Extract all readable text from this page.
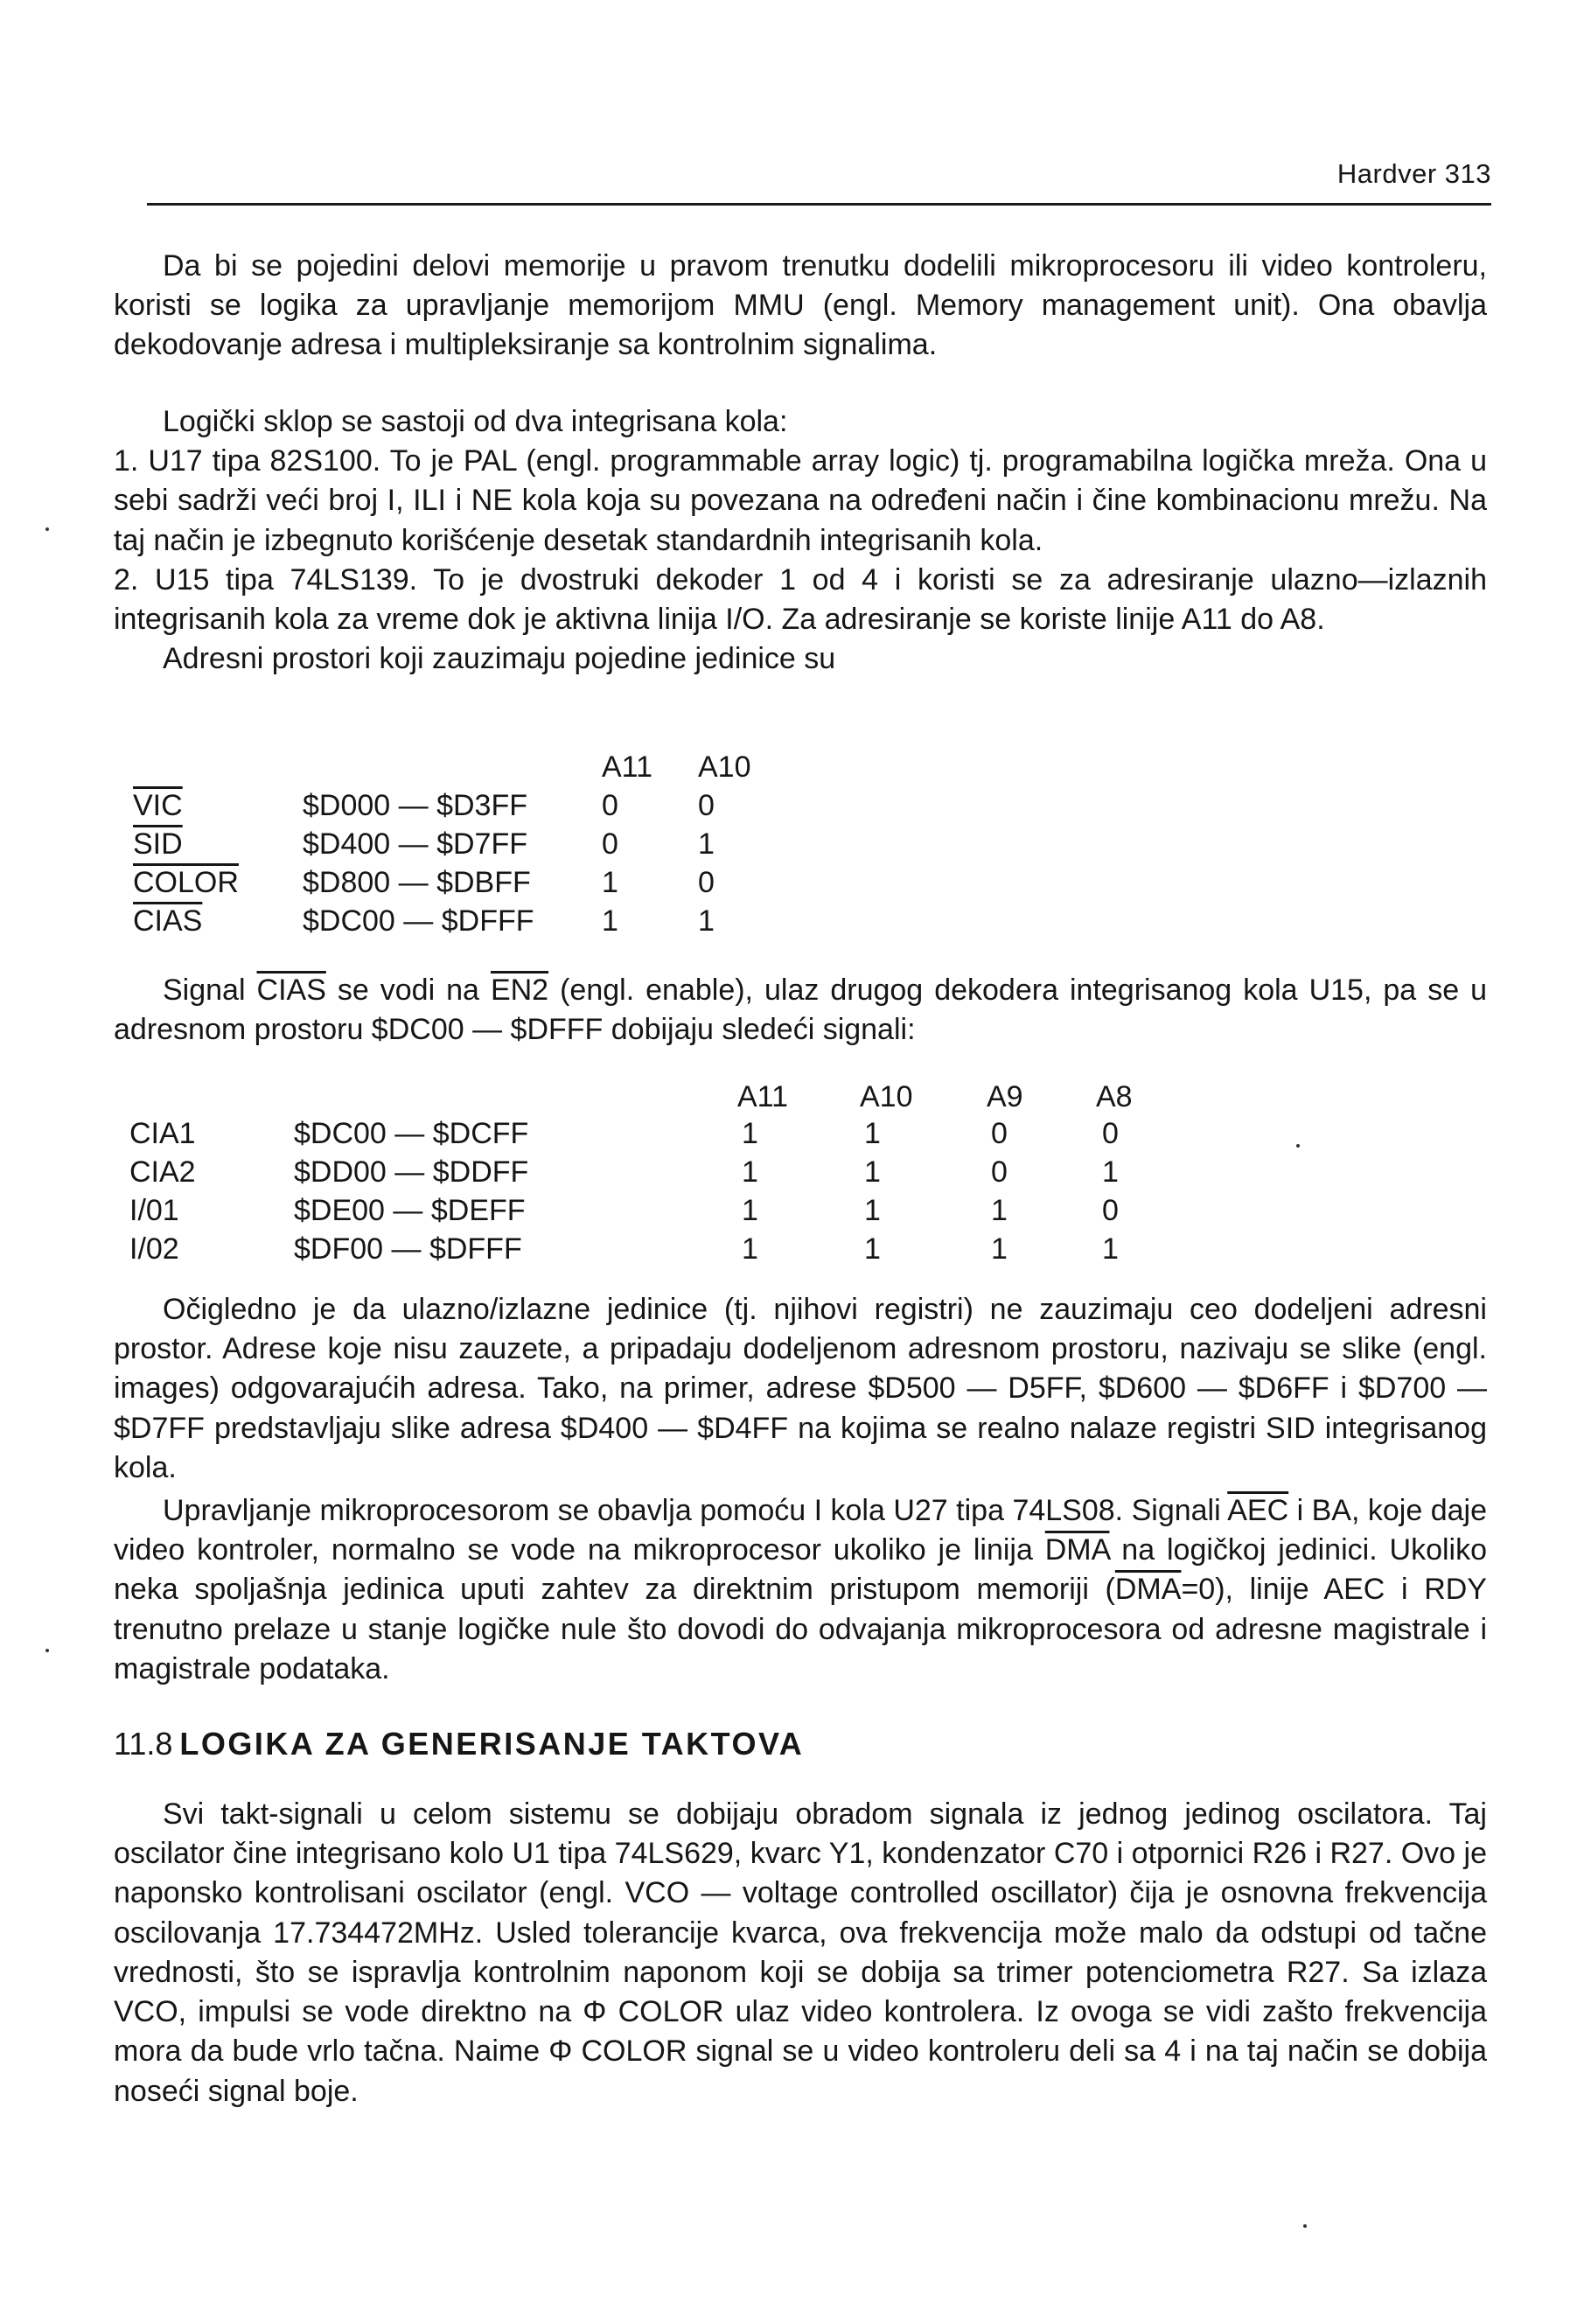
Hardver 313

Da bi se pojedini delovi memorije u pravom trenutku dodelili mikroprocesoru ili video kontroleru, koristi se logika za upravljanje memorijom MMU (engl. Memory management unit). Ona obavlja dekodovanje adresa i multipleksiranje sa kontrolnim signalima.

Logički sklop se sastoji od dva integrisana kola:

1. U17 tipa 82S100. To je PAL (engl. programmable array logic) tj. programabilna logička mreža. Ona u sebi sadrži veći broj I, ILI i NE kola koja su povezana na određeni način i čine kombinacionu mrežu. Na taj način je izbegnuto korišćenje desetak standardnih integrisanih kola.

2. U15 tipa 74LS139. To je dvostruki dekoder 1 od 4 i koristi se za adresiranje ulazno—izlaznih integrisanih kola za vreme dok je aktivna linija I/O. Za adresiranje se koriste linije A11 do A8.

Adresni prostori koji zauzimaju pojedine jedinice su

A11 A10
$\overline{VIC}$	$D000 — $D3FF	0	0
$\overline{SID}$	$D400 — $D7FF	0	1
COLOR $D800 — $DBFF 1	0
CIAS	$DC00 — $DFFF 1	1

Signal CIAS se vodi na EN2 (engl. enable), ulaz drugog dekodera integrisanog kola U15, pa se u adresnom prostoru $DC00 — $DFFF dobijaju sledeći signali:

A11 A10 A9 A8
CIA1	$DC00 — $DCFF	1	1	0	0
CIA2	$DD00 — $DDFF	1	1	0	1
I/01	$DE00 — $DEFF	1	1	1	0
I/02	$DF00 — $DFFF	1	1	1	1

Očigledno je da ulazno/izlazne jedinice (tj. njihovi registri) ne zauzimaju ceo dodeljeni adresni prostor. Adrese koje nisu zauzete, a pripadaju dodeljenom adresnom prostoru, nazivaju se slike (engl. images) odgovarajućih adresa. Tako, na primer, adrese $D500 — D5FF, $D600 — $D6FF i $D700 — $D7FF predstavljaju slike adresa $D400 — $D4FF na kojima se realno nalaze registri SID integrisanog kola.

Upravljanje mikroprocesorom se obavlja pomoću I kola U27 tipa 74LS08. Signali $\overline{AEC}$ i BA, koje daje video kontroler, normalno se vode na mikroprocesor ukoliko je linija $\overline{DMA}$ na logičkoj jedinici. Ukoliko neka spoljašnja jedinica uputi zahtev za direktnim pristupom memoriji $(\overline{DMA}=0)$, linije AEC i RDY trenutno prelaze u stanje logičke nule što dovodi do odvajanja mikroprocesora od adresne magistrale i magistrale podataka.

11.8 LOGIKA ZA GENERISANJE TAKTOVA

Svi takt-signali u celom sistemu se dobijaju obradom signala iz jednog jedinog oscilatora. Taj oscilator čine integrisano kolo U1 tipa 74LS629, kvarc Y1, kondenzator C70 i otpornici R26 i R27. Ovo je naponsko kontrolisani oscilator (engl. VCO — voltage controlled oscillator) čija je osnovna frekvencija oscilovanja 17.734472MHz. Usled tolerancije kvarca, ova frekvencija može malo da odstupi od tačne vrednosti, što se ispravlja kontrolnim naponom koji se dobija sa trimer potenciometra R27. Sa izlaza VCO, impulsi se vode direktno na Φ COLOR ulaz video kontrolera. Iz ovoga se vidi zašto frekvencija mora da bude vrlo tačna. Naime Φ COLOR signal se u video kontroleru deli sa 4 i na taj način se dobija noseći signal boje.
